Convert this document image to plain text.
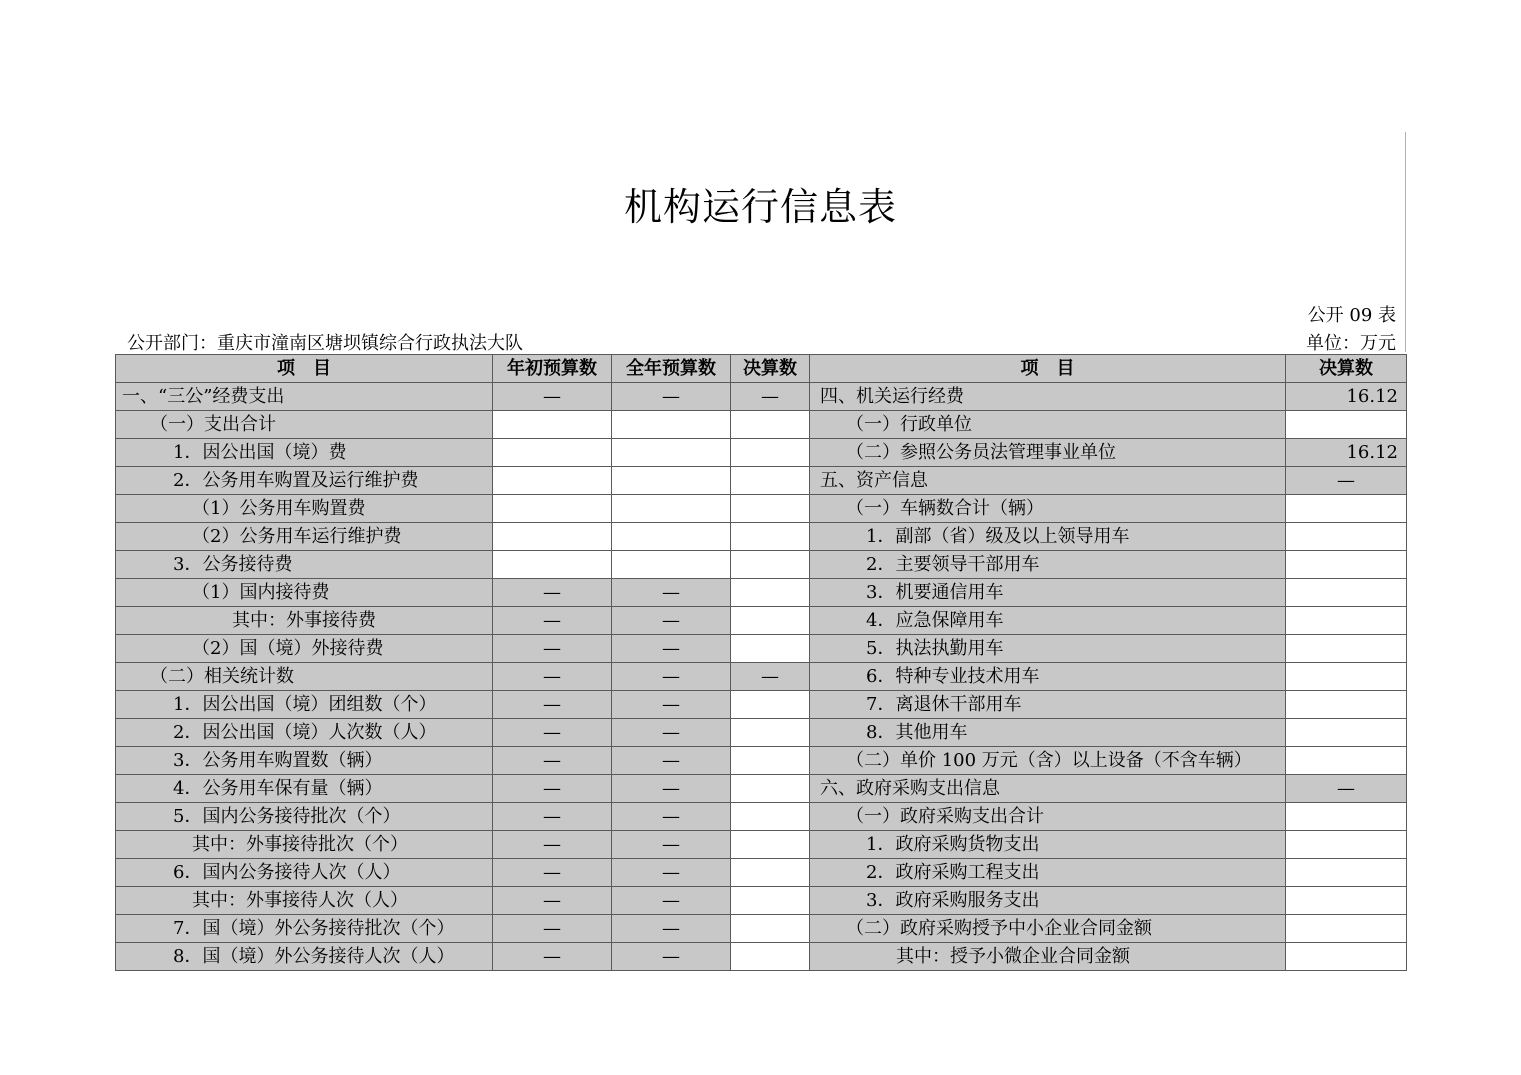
机构运行信息表
公开 09 表
公开部门：重庆市潼南区塘坝镇综合行政执法大队	单位：万元
项　目	年初预算数	全年预算数	决算数	项　目	决算数
一、“三公”经费支出	—	—	—	四、机关运行经费	16.12
（一）支出合计				（一）行政单位	
1．因公出国（境）费				（二）参照公务员法管理事业单位	16.12
2．公务用车购置及运行维护费				五、资产信息	—
（1）公务用车购置费				（一）车辆数合计（辆）	
（2）公务用车运行维护费				1．副部（省）级及以上领导用车	
3．公务接待费				2．主要领导干部用车	
（1）国内接待费	—	—		3．机要通信用车	
其中：外事接待费	—	—		4．应急保障用车	
（2）国（境）外接待费	—	—		5．执法执勤用车	
（二）相关统计数	—	—	—	6．特种专业技术用车	
1．因公出国（境）团组数（个）	—	—		7．离退休干部用车	
2．因公出国（境）人次数（人）	—	—		8．其他用车	
3．公务用车购置数（辆）	—	—		（二）单价 100 万元（含）以上设备（不含车辆）	
4．公务用车保有量（辆）	—	—		六、政府采购支出信息	—
5．国内公务接待批次（个）	—	—		（一）政府采购支出合计	
其中：外事接待批次（个）	—	—		1．政府采购货物支出	
6．国内公务接待人次（人）	—	—		2．政府采购工程支出	
其中：外事接待人次（人）	—	—		3．政府采购服务支出	
7．国（境）外公务接待批次（个）	—	—		（二）政府采购授予中小企业合同金额	
8．国（境）外公务接待人次（人）	—	—		其中：授予小微企业合同金额	
